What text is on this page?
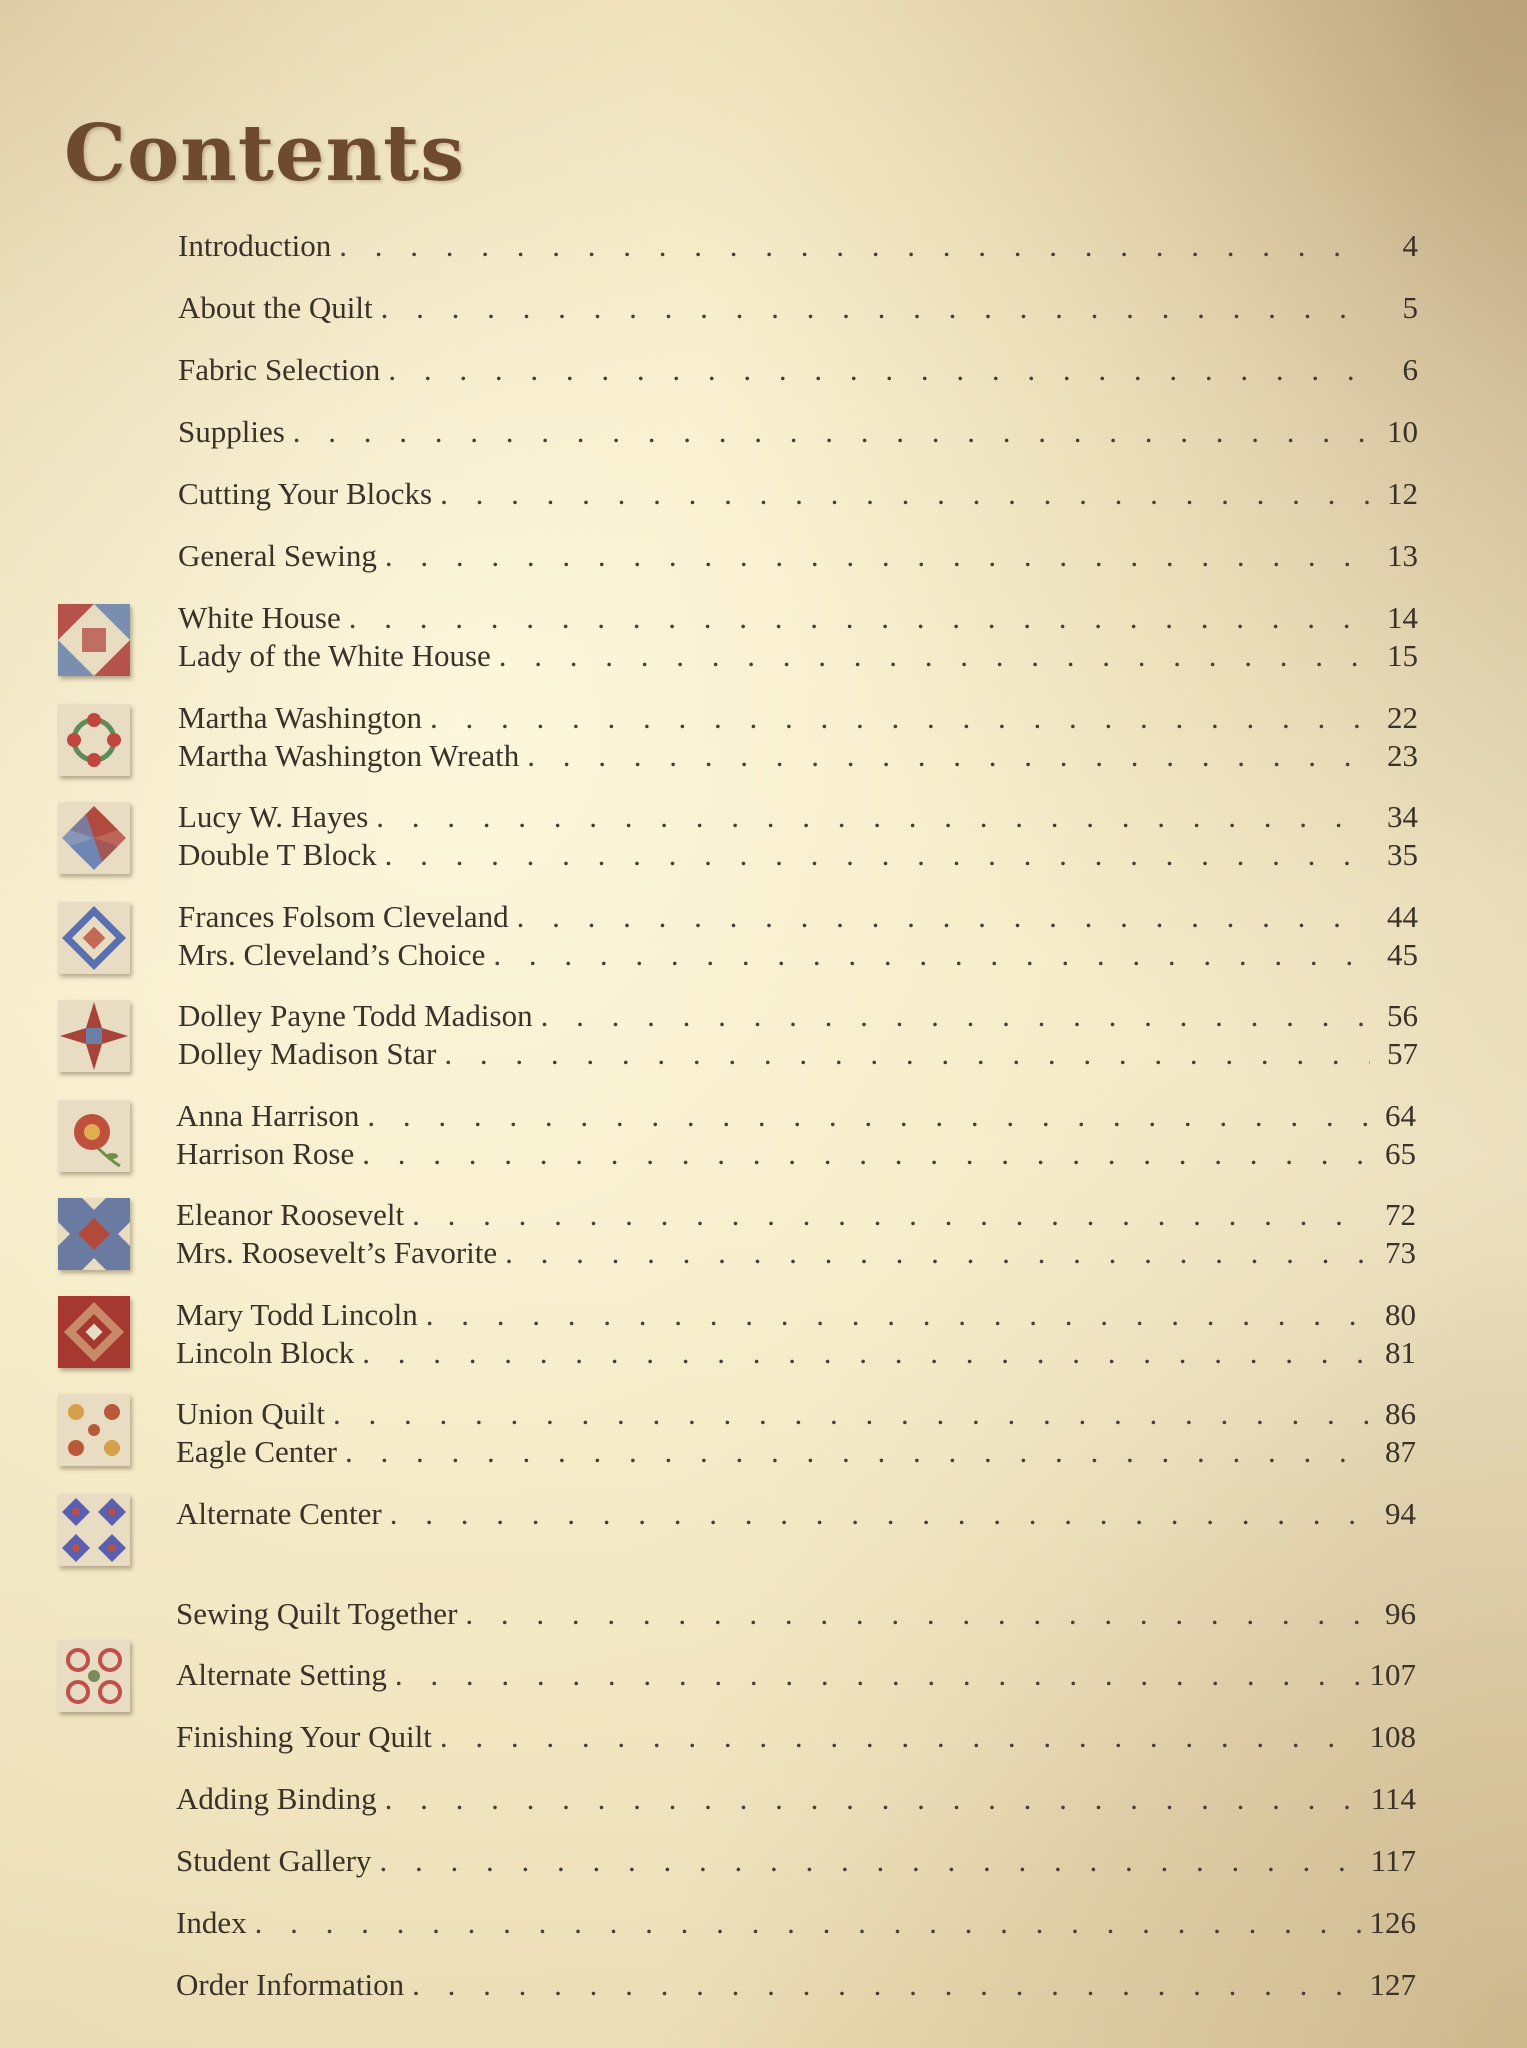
Contents
Introduction . . .	4
About the Quilt . . .	5
Fabric Selection . . .	6
Supplies . . .	10
Cutting Your Blocks . . .	12
General Sewing . . .	13
White House . . .	14
Lady of the White House . . .	15
Martha Washington . . .	22
Martha Washington Wreath . . .	23
Lucy W. Hayes . . .	34
Double T Block . . .	35
Frances Folsom Cleveland . . .	44
Mrs. Cleveland’s Choice . . .	45
Dolley Payne Todd Madison . . .	56
Dolley Madison Star . . .	57
Anna Harrison . . .	64
Harrison Rose . . .	65
Eleanor Roosevelt . . .	72
Mrs. Roosevelt’s Favorite . . .	73
Mary Todd Lincoln . . .	80
Lincoln Block . . .	81
Union Quilt . . .	86
Eagle Center . . .	87
Alternate Center . . .	94
Sewing Quilt Together . . .	96
Alternate Setting . . .	107
Finishing Your Quilt . . .	108
Adding Binding . . .	114
Student Gallery . . .	117
Index . . .	126
Order Information . . .	127
